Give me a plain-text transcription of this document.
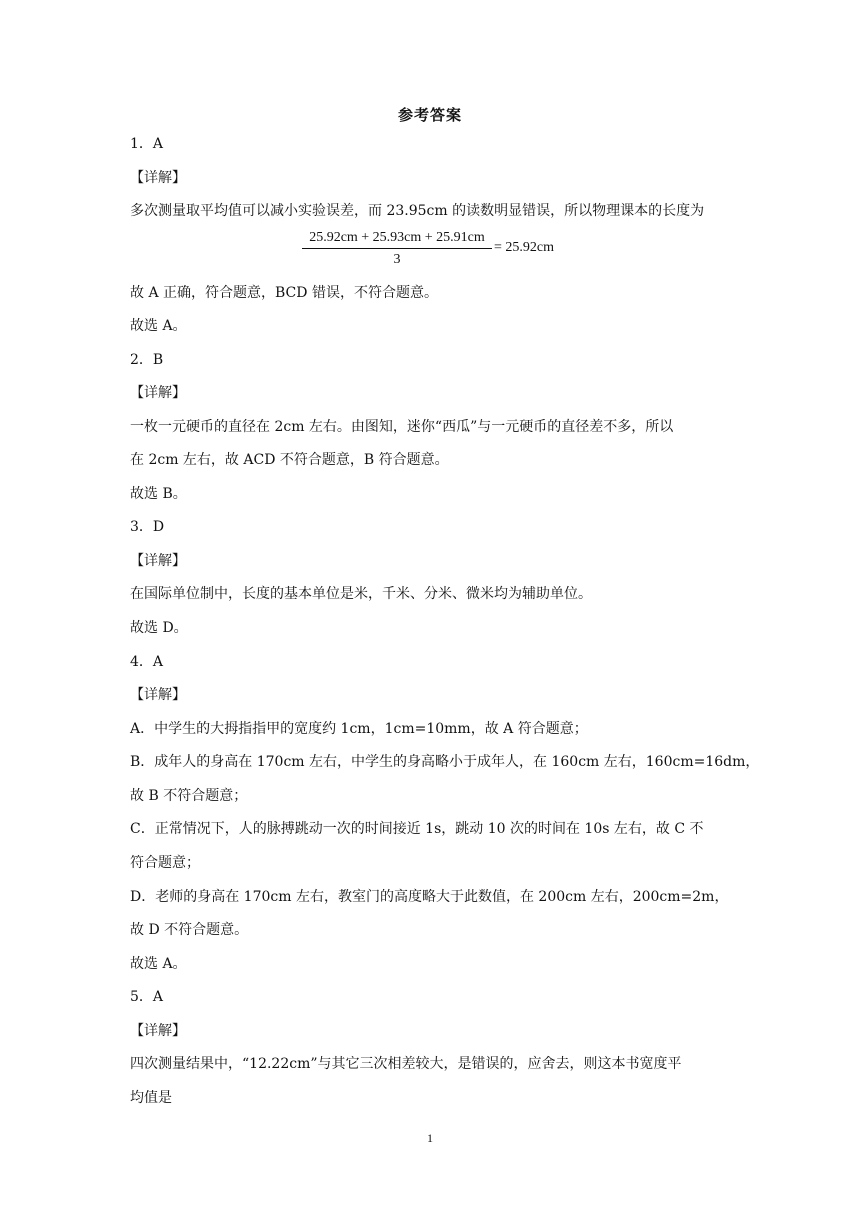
参考答案
1．A
【详解】
多次测量取平均值可以减小实验误差，而 23.95cm 的读数明显错误，所以物理课本的长度为
25.92cm + 25.93cm + 25.91cm
3
= 25.92cm
故 A 正确，符合题意，BCD 错误，不符合题意。
故选 A。
2．B
【详解】
一枚一元硬币的直径在 2cm 左右。由图知，迷你“西瓜”与一元硬币的直径差不多，所以
在 2cm 左右，故 ACD 不符合题意，B 符合题意。
故选 B。
3．D
【详解】
在国际单位制中，长度的基本单位是米，千米、分米、微米均为辅助单位。
故选 D。
4．A
【详解】
A．中学生的大拇指指甲的宽度约 1cm，1cm=10mm，故 A 符合题意；
B．成年人的身高在 170cm 左右，中学生的身高略小于成年人，在 160cm 左右，160cm=16dm，
故 B 不符合题意；
C．正常情况下，人的脉搏跳动一次的时间接近 1s，跳动 10 次的时间在 10s 左右，故 C 不
符合题意；
D．老师的身高在 170cm 左右，教室门的高度略大于此数值，在 200cm 左右，200cm=2m，
故 D 不符合题意。
故选 A。
5．A
【详解】
四次测量结果中，“12.22cm”与其它三次相差较大，是错误的，应舍去，则这本书宽度平
均值是
1
